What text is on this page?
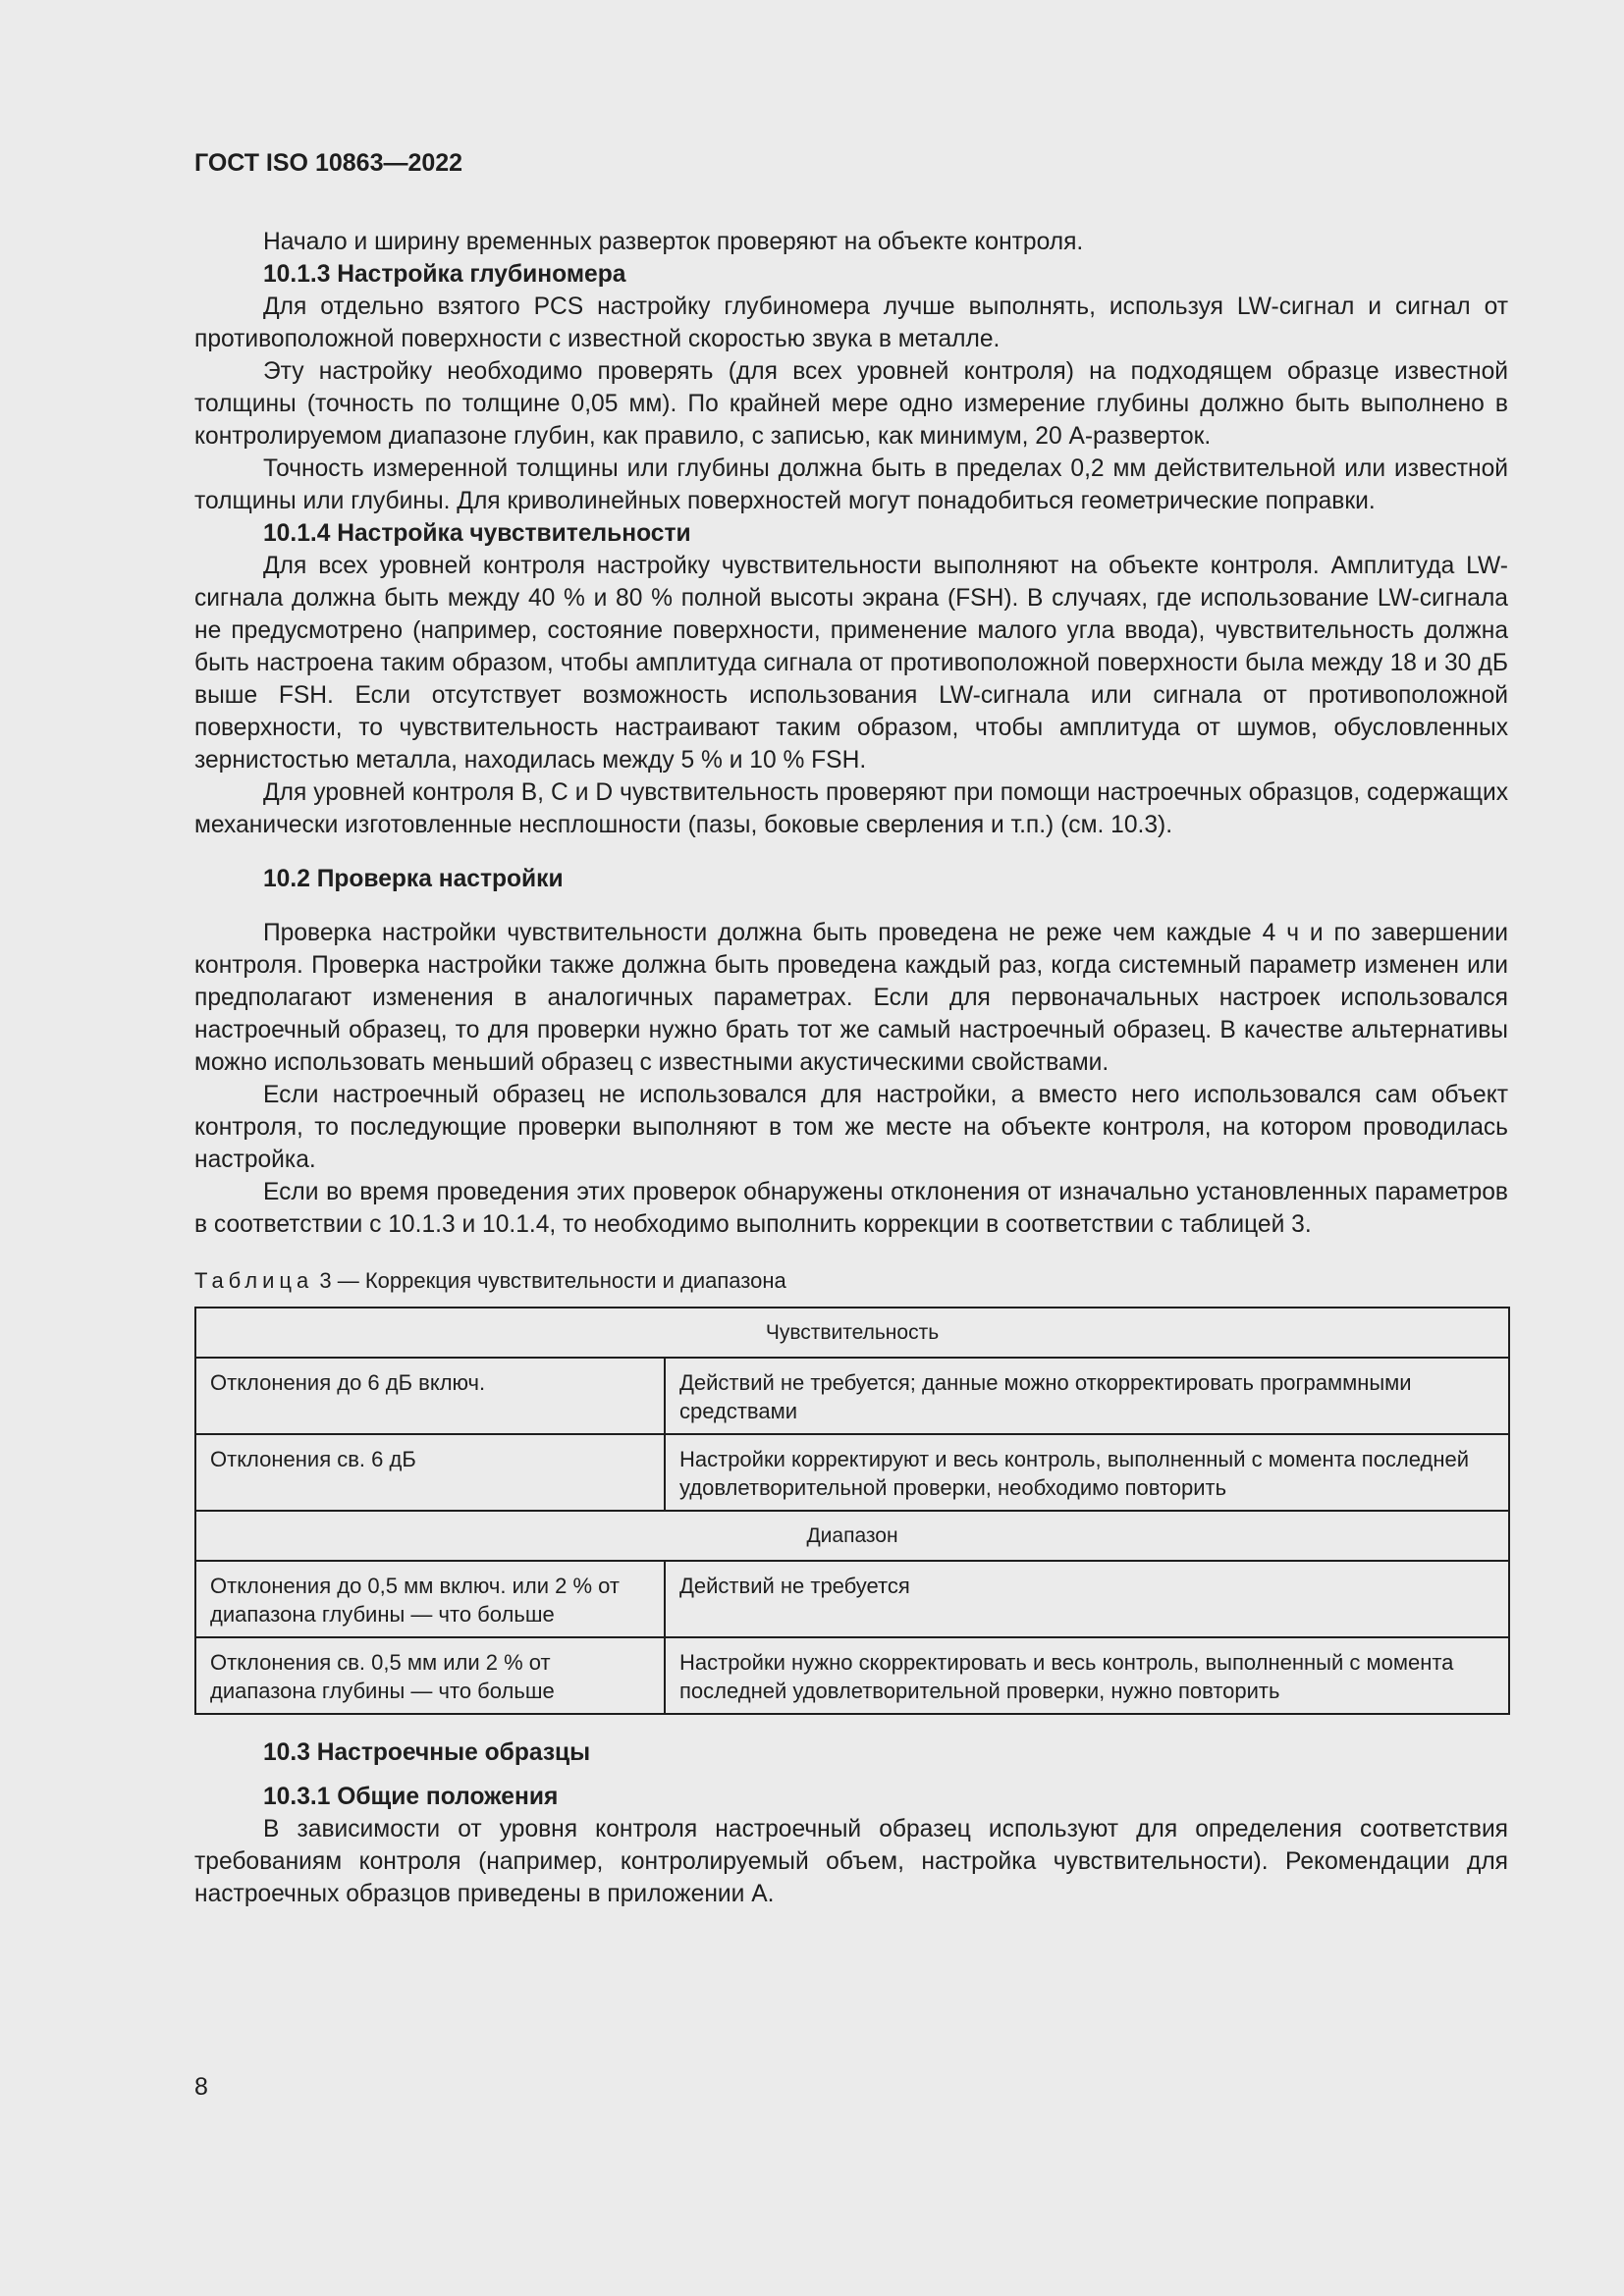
ГОСТ ISO 10863—2022

Начало и ширину временных разверток проверяют на объекте контроля.

10.1.3 Настройка глубиномера

Для отдельно взятого PCS настройку глубиномера лучше выполнять, используя LW-сигнал и сигнал от противоположной поверхности с известной скоростью звука в металле.

Эту настройку необходимо проверять (для всех уровней контроля) на подходящем образце известной толщины (точность по толщине 0,05 мм). По крайней мере одно измерение глубины должно быть выполнено в контролируемом диапазоне глубин, как правило, с записью, как минимум, 20 А-разверток.

Точность измеренной толщины или глубины должна быть в пределах 0,2 мм действительной или известной толщины или глубины. Для криволинейных поверхностей могут понадобиться геометрические поправки.

10.1.4 Настройка чувствительности

Для всех уровней контроля настройку чувствительности выполняют на объекте контроля. Амплитуда LW-сигнала должна быть между 40 % и 80 % полной высоты экрана (FSH). В случаях, где использование LW-сигнала не предусмотрено (например, состояние поверхности, применение малого угла ввода), чувствительность должна быть настроена таким образом, чтобы амплитуда сигнала от противоположной поверхности была между 18 и 30 дБ выше FSH. Если отсутствует возможность использования LW-сигнала или сигнала от противоположной поверхности, то чувствительность настраивают таким образом, чтобы амплитуда от шумов, обусловленных зернистостью металла, находилась между 5 % и 10 % FSH.

Для уровней контроля В, С и D чувствительность проверяют при помощи настроечных образцов, содержащих механически изготовленные несплошности (пазы, боковые сверления и т.п.) (см. 10.3).

10.2 Проверка настройки

Проверка настройки чувствительности должна быть проведена не реже чем каждые 4 ч и по завершении контроля. Проверка настройки также должна быть проведена каждый раз, когда системный параметр изменен или предполагают изменения в аналогичных параметрах. Если для первоначальных настроек использовался настроечный образец, то для проверки нужно брать тот же самый настроечный образец. В качестве альтернативы можно использовать меньший образец с известными акустическими свойствами.

Если настроечный образец не использовался для настройки, а вместо него использовался сам объект контроля, то последующие проверки выполняют в том же месте на объекте контроля, на котором проводилась настройка.

Если во время проведения этих проверок обнаружены отклонения от изначально установленных параметров в соответствии с 10.1.3 и 10.1.4, то необходимо выполнить коррекции в соответствии с таблицей 3.

Таблица 3 — Коррекция чувствительности и диапазона
Чувствительность	
Отклонения до 6 дБ включ.	Действий не требуется; данные можно откорректировать программными средствами
Отклонения св. 6 дБ	Настройки корректируют и весь контроль, выполненный с момента последней удовлетворительной проверки, необходимо повторить
Диапазон	
Отклонения до 0,5 мм включ. или 2 % от диапазона глубины — что больше	Действий не требуется
Отклонения св. 0,5 мм или 2 % от диапазона глубины — что больше	Настройки нужно скорректировать и весь контроль, выполненный с момента последней удовлетворительной проверки, нужно повторить

10.3 Настроечные образцы

10.3.1 Общие положения

В зависимости от уровня контроля настроечный образец используют для определения соответствия требованиям контроля (например, контролируемый объем, настройка чувствительности). Рекомендации для настроечных образцов приведены в приложении А.

8
